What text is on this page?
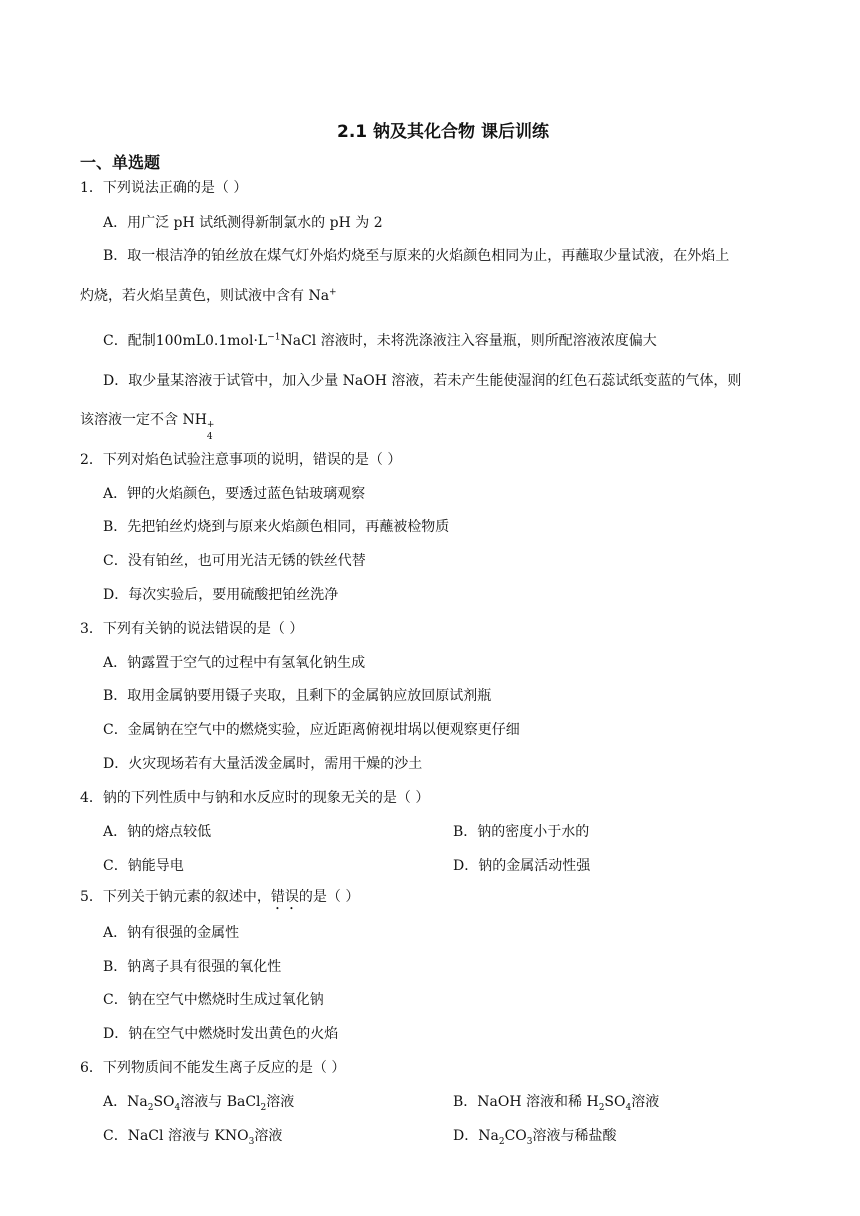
2.1 钠及其化合物 课后训练
一、单选题
1．下列说法正确的是（ ）
A．用广泛 pH 试纸测得新制氯水的 pH 为 2
B．取一根洁净的铂丝放在煤气灯外焰灼烧至与原来的火焰颜色相同为止，再蘸取少量试液，在外焰上
灼烧，若火焰呈黄色，则试液中含有 Na+
C．配制$100mL0.1mol\cdot L^{-1}NaCl$ 溶液时，未将洗涤液注入容量瓶，则所配溶液浓度偏大
D．取少量某溶液于试管中，加入少量 NaOH 溶液，若未产生能使湿润的红色石蕊试纸变蓝的气体，则
该溶液一定不含 NH +
4
2．下列对焰色试验注意事项的说明，错误的是（ ）
A．钾的火焰颜色，要透过蓝色钴玻璃观察
B．先把铂丝灼烧到与原来火焰颜色相同，再蘸被检物质
C．没有铂丝，也可用光洁无锈的铁丝代替
D．每次实验后，要用硫酸把铂丝洗净
3．下列有关钠的说法错误的是（ ）
A．钠露置于空气的过程中有氢氧化钠生成
B．取用金属钠要用镊子夹取，且剩下的金属钠应放回原试剂瓶
C．金属钠在空气中的燃烧实验，应近距离俯视坩埚以便观察更仔细
D．火灾现场若有大量活泼金属时，需用干燥的沙土
4．钠的下列性质中与钠和水反应时的现象无关的是（ ）
A．钠的熔点较低	B．钠的密度小于水的
C．钠能导电	D．钠的金属活动性强
5．下列关于钠元素的叙述中，错误的是（ ）
A．钠有很强的金属性
B．钠离子具有很强的氧化性
C．钠在空气中燃烧时生成过氧化钠
D．钠在空气中燃烧时发出黄色的火焰
6．下列物质间不能发生离子反应的是（ ）
A．$Na_2SO_4$溶液与 BaCl$_2$溶液	B．NaOH 溶液和稀 $H_2SO_4$溶液
C．NaCl 溶液与 $KNO_3$溶液	D．$Na_2CO_3$溶液与稀盐酸
